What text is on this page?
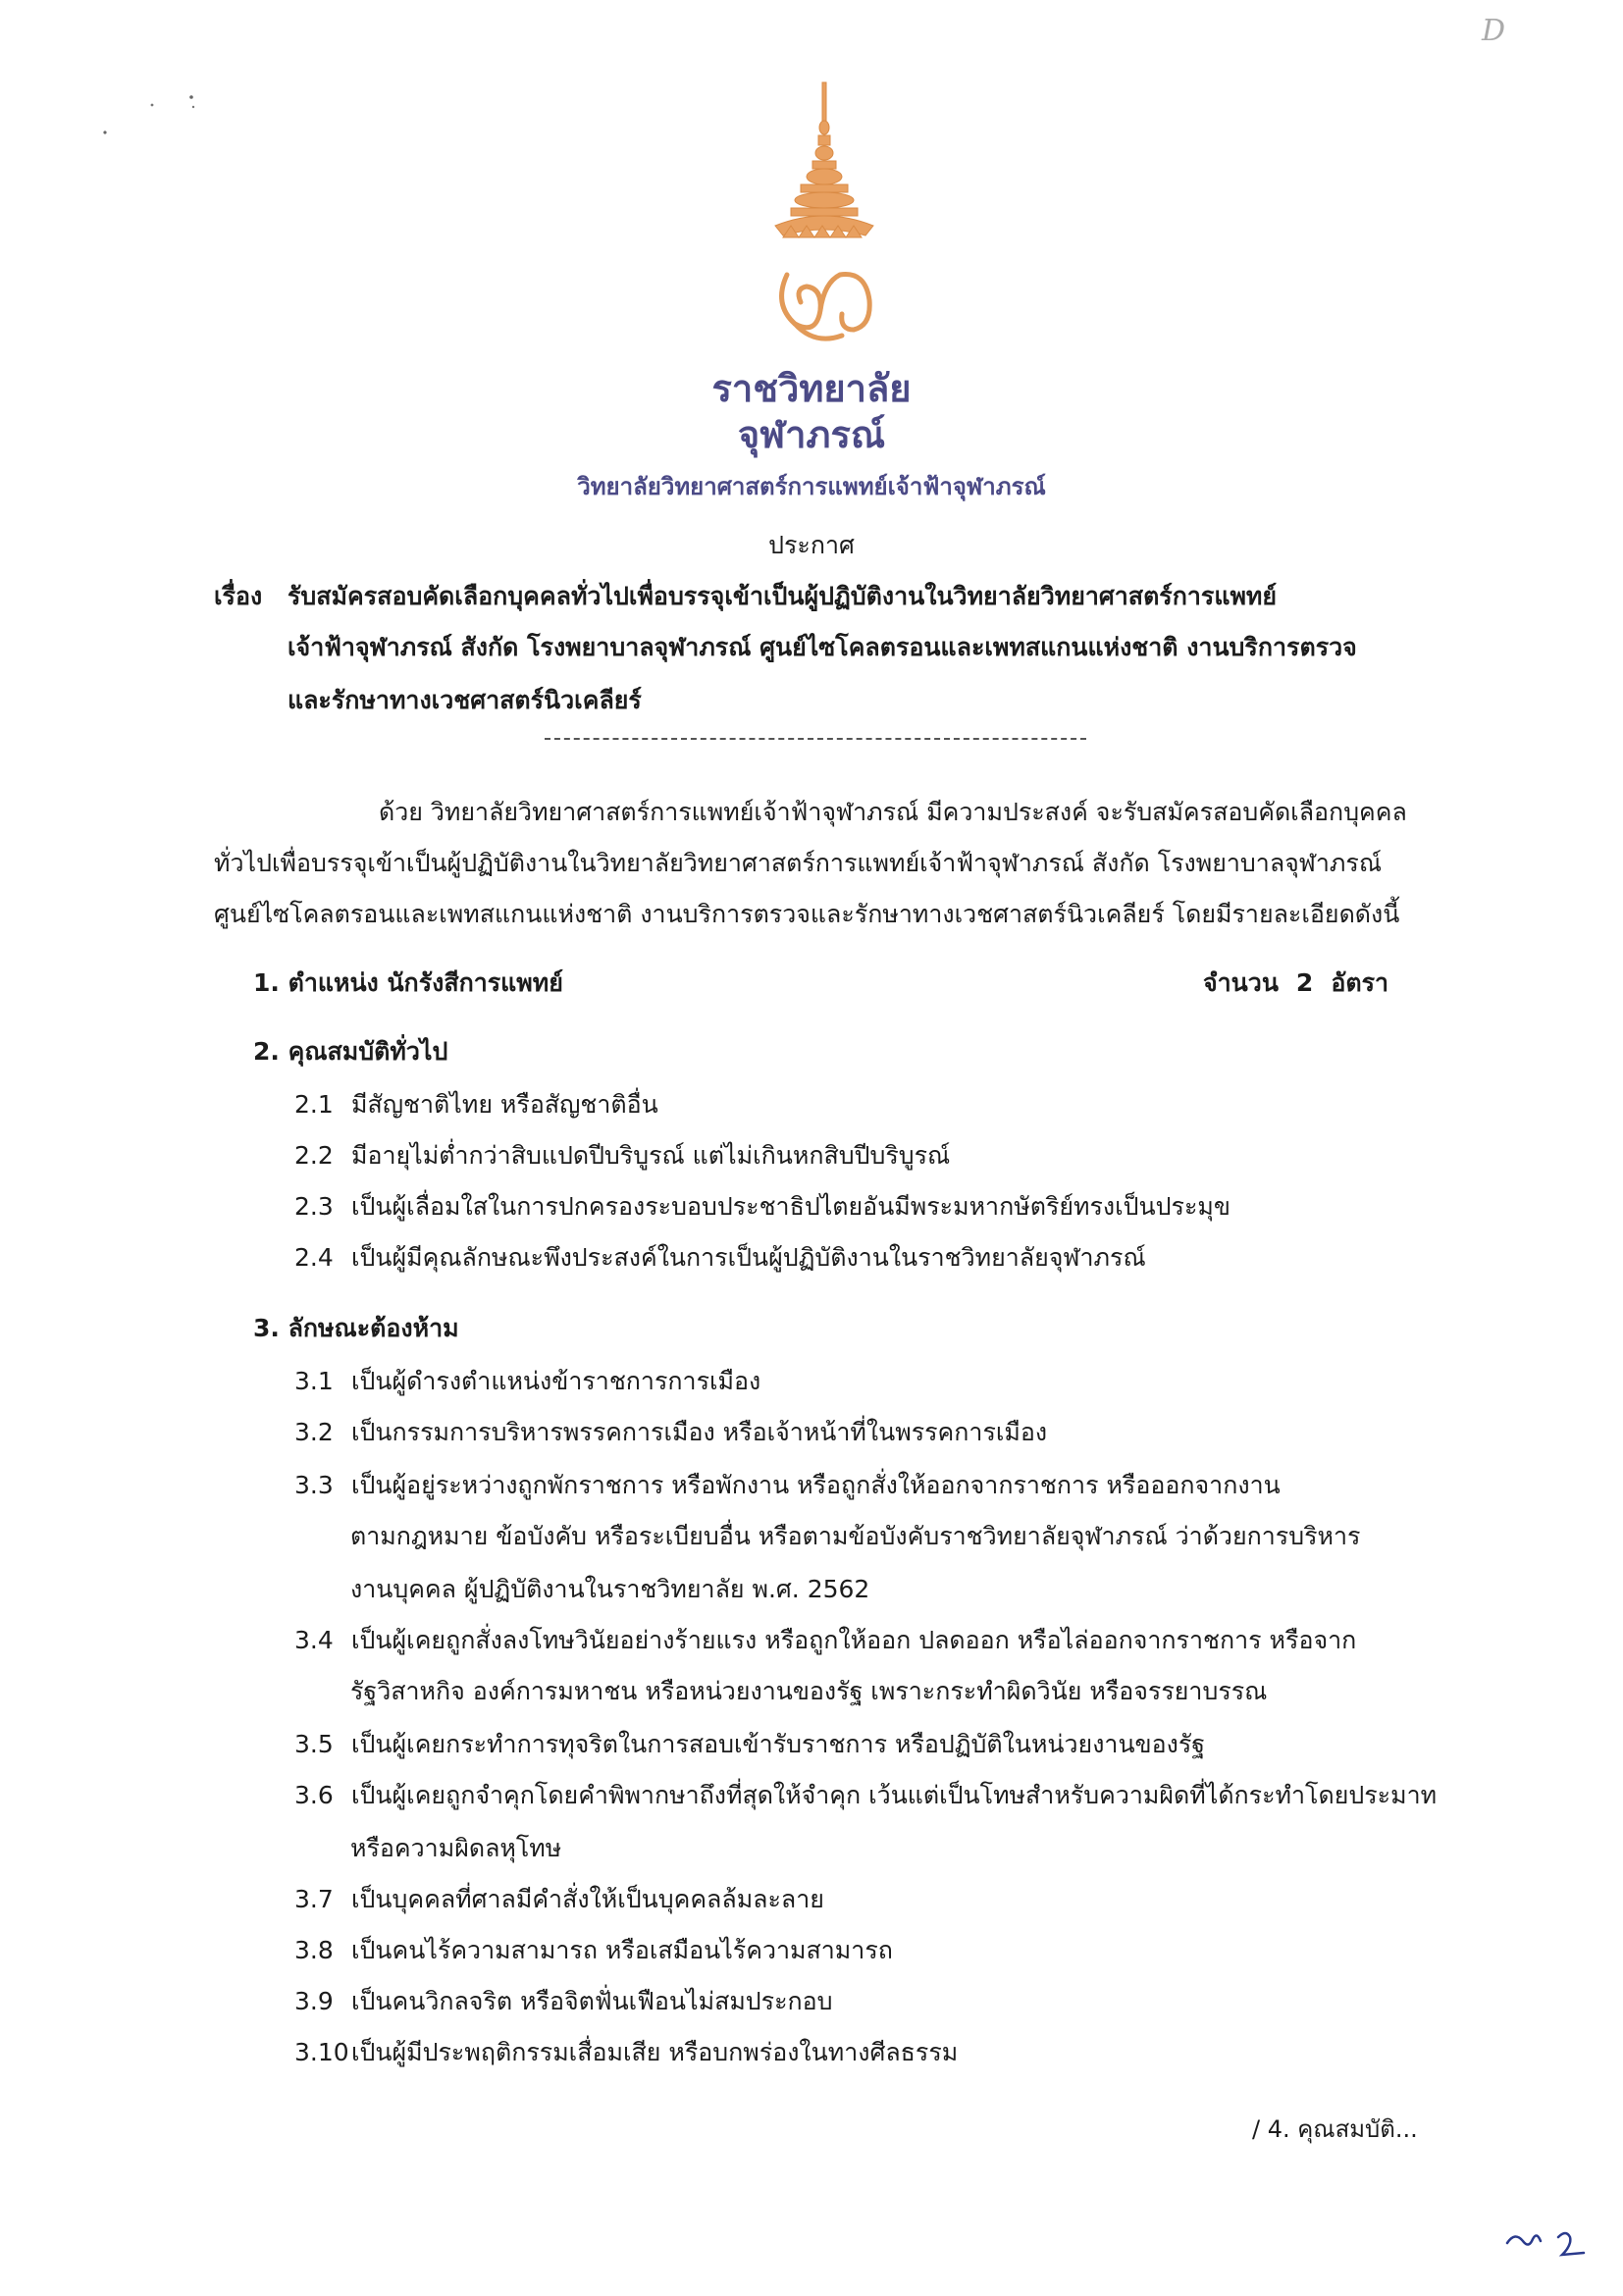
D
ราชวิทยาลัย
จุฬาภรณ์
วิทยาลัยวิทยาศาสตร์การแพทย์เจ้าฟ้าจุฬาภรณ์
ประกาศ
เรื่อง รับสมัครสอบคัดเลือกบุคคลทั่วไปเพื่อบรรจุเข้าเป็นผู้ปฏิบัติงานในวิทยาลัยวิทยาศาสตร์การแพทย์
เจ้าฟ้าจุฬาภรณ์ สังกัด โรงพยาบาลจุฬาภรณ์ ศูนย์ไซโคลตรอนและเพทสแกนแห่งชาติ งานบริการตรวจ
และรักษาทางเวชศาสตร์นิวเคลียร์
ด้วย วิทยาลัยวิทยาศาสตร์การแพทย์เจ้าฟ้าจุฬาภรณ์ มีความประสงค์ จะรับสมัครสอบคัดเลือกบุคคล
ทั่วไปเพื่อบรรจุเข้าเป็นผู้ปฏิบัติงานในวิทยาลัยวิทยาศาสตร์การแพทย์เจ้าฟ้าจุฬาภรณ์ สังกัด โรงพยาบาลจุฬาภรณ์
ศูนย์ไซโคลตรอนและเพทสแกนแห่งชาติ งานบริการตรวจและรักษาทางเวชศาสตร์นิวเคลียร์ โดยมีรายละเอียดดังนี้
1. ตำแหน่ง นักรังสีการแพทย์	จำนวน 2 อัตรา
2. คุณสมบัติทั่วไป
2.1 มีสัญชาติไทย หรือสัญชาติอื่น
2.2 มีอายุไม่ต่ำกว่าสิบแปดปีบริบูรณ์ แต่ไม่เกินหกสิบปีบริบูรณ์
2.3 เป็นผู้เลื่อมใสในการปกครองระบอบประชาธิปไตยอันมีพระมหากษัตริย์ทรงเป็นประมุข
2.4 เป็นผู้มีคุณลักษณะพึงประสงค์ในการเป็นผู้ปฏิบัติงานในราชวิทยาลัยจุฬาภรณ์
3. ลักษณะต้องห้าม
3.1 เป็นผู้ดำรงตำแหน่งข้าราชการการเมือง
3.2 เป็นกรรมการบริหารพรรคการเมือง หรือเจ้าหน้าที่ในพรรคการเมือง
3.3 เป็นผู้อยู่ระหว่างถูกพักราชการ หรือพักงาน หรือถูกสั่งให้ออกจากราชการ หรือออกจากงาน
ตามกฎหมาย ข้อบังคับ หรือระเบียบอื่น หรือตามข้อบังคับราชวิทยาลัยจุฬาภรณ์ ว่าด้วยการบริหาร
งานบุคคล ผู้ปฏิบัติงานในราชวิทยาลัย พ.ศ. 2562
3.4 เป็นผู้เคยถูกสั่งลงโทษวินัยอย่างร้ายแรง หรือถูกให้ออก ปลดออก หรือไล่ออกจากราชการ หรือจาก
รัฐวิสาหกิจ องค์การมหาชน หรือหน่วยงานของรัฐ เพราะกระทำผิดวินัย หรือจรรยาบรรณ
3.5 เป็นผู้เคยกระทำการทุจริตในการสอบเข้ารับราชการ หรือปฏิบัติในหน่วยงานของรัฐ
3.6 เป็นผู้เคยถูกจำคุกโดยคำพิพากษาถึงที่สุดให้จำคุก เว้นแต่เป็นโทษสำหรับความผิดที่ได้กระทำโดยประมาท
หรือความผิดลหุโทษ
3.7 เป็นบุคคลที่ศาลมีคำสั่งให้เป็นบุคคลล้มละลาย
3.8 เป็นคนไร้ความสามารถ หรือเสมือนไร้ความสามารถ
3.9 เป็นคนวิกลจริต หรือจิตฟั่นเฟือนไม่สมประกอบ
3.10เป็นผู้มีประพฤติกรรมเสื่อมเสีย หรือบกพร่องในทางศีลธรรม
/ 4. คุณสมบัติ...
